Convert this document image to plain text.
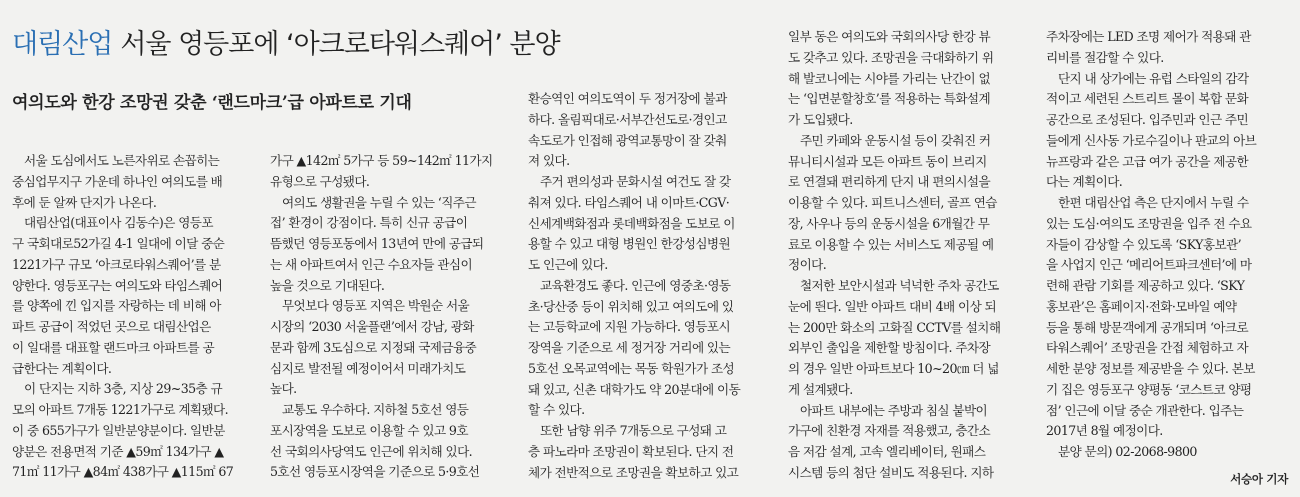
대림산업 서울 영등포에 ‘아크로타워스퀘어’ 분양
여의도와 한강 조망권 갖춘 ‘랜드마크’급 아파트로 기대
　서울 도심에서도 노른자위로 손꼽히는
중심업무지구 가운데 하나인 여의도를 배
후에 둔 알짜 단지가 나온다.
　대림산업(대표이사 김동수)은 영등포
구 국회대로52가길 4-1 일대에 이달 중순
1221가구 규모 ‘아크로타워스퀘어’를 분
양한다. 영등포구는 여의도와 타임스퀘어
를 양쪽에 낀 입지를 자랑하는 데 비해 아
파트 공급이 적었던 곳으로 대림산업은
이 일대를 대표할 랜드마크 아파트를 공
급한다는 계획이다.
　이 단지는 지하 3층, 지상 29~35층 규
모의 아파트 7개동 1221가구로 계획됐다.
이 중 655가구가 일반분양분이다. 일반분
양분은 전용면적 기준 ▲59㎡ 134가구 ▲
71㎡ 11가구 ▲84㎡ 438가구 ▲115㎡ 67
가구 ▲142㎡ 5가구 등 59~142㎡ 11가지
유형으로 구성됐다.
　여의도 생활권을 누릴 수 있는 ‘직주근
접’ 환경이 강점이다. 특히 신규 공급이
뜸했던 영등포동에서 13년여 만에 공급되
는 새 아파트여서 인근 수요자들 관심이
높을 것으로 기대된다.
　무엇보다 영등포 지역은 박원순 서울
시장의 ‘2030 서울플랜’에서 강남, 광화
문과 함께 3도심으로 지정돼 국제금융중
심지로 발전될 예정이어서 미래가치도
높다.
　교통도 우수하다. 지하철 5호선 영등
포시장역을 도보로 이용할 수 있고 9호
선 국회의사당역도 인근에 위치해 있다.
5호선 영등포시장역을 기준으로 5·9호선
환승역인 여의도역이 두 정거장에 불과
하다. 올림픽대로·서부간선도로·경인고
속도로가 인접해 광역교통망이 잘 갖춰
져 있다.
　주거 편의성과 문화시설 여건도 잘 갖
춰져 있다. 타임스퀘어 내 이마트·CGV·
신세계백화점과 롯데백화점을 도보로 이
용할 수 있고 대형 병원인 한강성심병원
도 인근에 있다.
　교육환경도 좋다. 인근에 영중초·영동
초·당산중 등이 위치해 있고 여의도에 있
는 고등학교에 지원 가능하다. 영등포시
장역을 기준으로 세 정거장 거리에 있는
5호선 오목교역에는 목동 학원가가 조성
돼 있고, 신촌 대학가도 약 20분대에 이동
할 수 있다.
　또한 남향 위주 7개동으로 구성돼 고
층 파노라마 조망권이 확보된다. 단지 전
체가 전반적으로 조망권을 확보하고 있고
일부 동은 여의도와 국회의사당 한강 뷰
도 갖추고 있다. 조망권을 극대화하기 위
해 발코니에는 시야를 가리는 난간이 없
는 ‘입면분할창호’를 적용하는 특화설계
가 도입됐다.
　주민 카페와 운동시설 등이 갖춰진 커
뮤니티시설과 모든 아파트 동이 브리지
로 연결돼 편리하게 단지 내 편의시설을
이용할 수 있다. 피트니스센터, 골프 연습
장, 사우나 등의 운동시설을 6개월간 무
료로 이용할 수 있는 서비스도 제공될 예
정이다.
　철저한 보안시설과 넉넉한 주차 공간도
눈에 띈다. 일반 아파트 대비 4배 이상 되
는 200만 화소의 고화질 CCTV를 설치해
외부인 출입을 제한할 방침이다. 주차장
의 경우 일반 아파트보다 10~20㎝ 더 넓
게 설계됐다.
　아파트 내부에는 주방과 침실 붙박이
가구에 친환경 자재를 적용했고, 층간소
음 저감 설계, 고속 엘리베이터, 원패스
시스템 등의 첨단 설비도 적용된다. 지하
주차장에는 LED 조명 제어가 적용돼 관
리비를 절감할 수 있다.
　단지 내 상가에는 유럽 스타일의 감각
적이고 세련된 스트리트 몰이 복합 문화
공간으로 조성된다. 입주민과 인근 주민
들에게 신사동 가로수길이나 판교의 아브
뉴프랑과 같은 고급 여가 공간을 제공한
다는 계획이다.
　한편 대림산업 측은 단지에서 누릴 수
있는 도심·여의도 조망권을 입주 전 수요
자들이 감상할 수 있도록 ‘SKY홍보관’
을 사업지 인근 ‘메리어트파크센터’에 마
련해 관람 기회를 제공하고 있다. ‘SKY
홍보관’은 홈페이지·전화·모바일 예약
등을 통해 방문객에게 공개되며 ‘아크로
타워스퀘어’ 조망권을 간접 체험하고 자
세한 분양 정보를 제공받을 수 있다. 본보
기 집은 영등포구 양평동 ‘코스트코 양평
점’ 인근에 이달 중순 개관한다. 입주는
2017년 8월 예정이다.
　분양 문의) 02-2068-9800
서승아 기자
